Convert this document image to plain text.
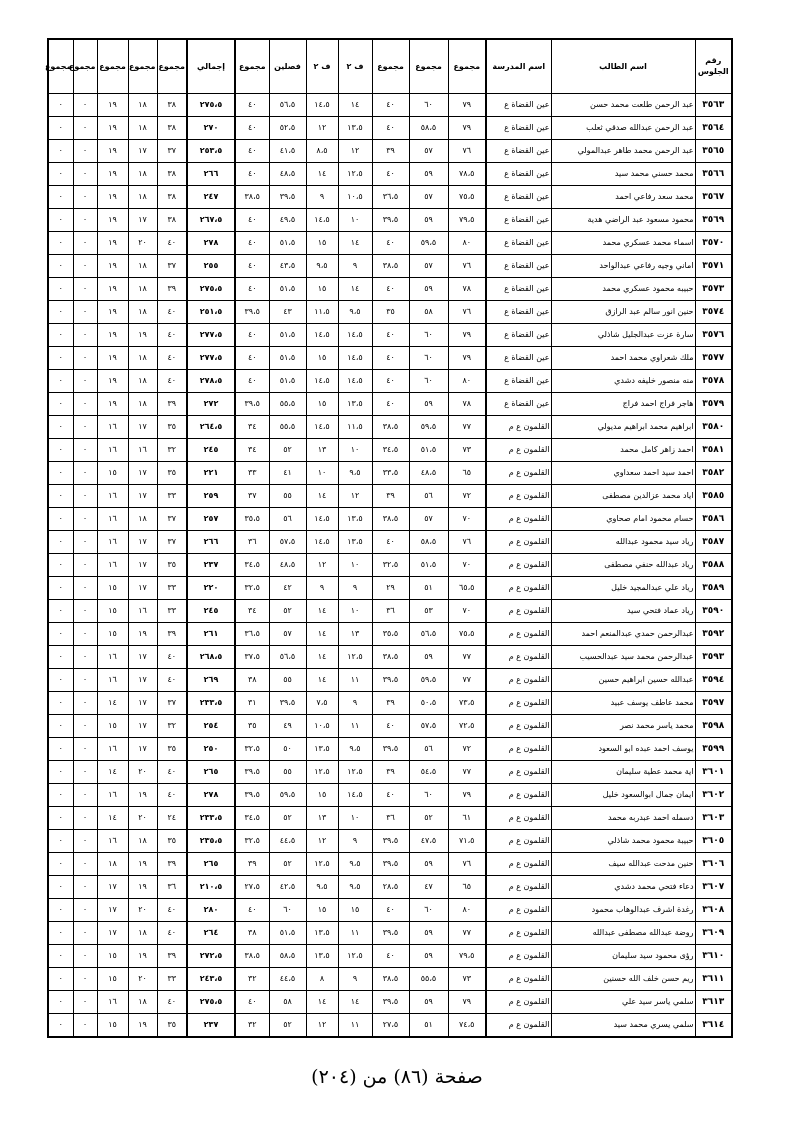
رقم الجلوس	اسم الطالب	اسم المدرسة	مجموع	مجموع	مجموع	ف ٢	ف ٢	فصلين	مجموع	إجمالي	مجموع	مجموع	مجموع	مجموع	مجموع
٣٥٦٣	عبد الرحمن طلعت محمد حسن	عين القضاة ع	٧٩	٦٠	٤٠	١٤	١٤،٥	٥٦،٥	٤٠	٢٧٥،٥	٣٨	١٨	١٩	٠	٠
٣٥٦٤	عبد الرحمن عبدالله صدقي ثعلب	عين القضاة ع	٧٩	٥٨،٥	٤٠	١٣،٥	١٢	٥٢،٥	٤٠	٢٧٠	٣٨	١٨	١٩	٠	٠
٣٥٦٥	عبد الرحمن محمد طاهر عبدالمولي	عين القضاة ع	٧٦	٥٧	٣٩	١٢	٨،٥	٤١،٥	٤٠	٢٥٣،٥	٣٧	١٧	١٩	٠	٠
٣٥٦٦	محمد حسني محمد سيد	عين القضاة ع	٧٨،٥	٥٩	٤٠	١٢،٥	١٤	٤٨،٥	٤٠	٢٦٦	٣٨	١٨	١٩	٠	٠
٣٥٦٧	محمد سعد رفاعي احمد	عين القضاة ع	٧٥،٥	٥٧	٣٦،٥	١٠،٥	٩	٣٩،٥	٣٨،٥	٢٤٧	٣٨	١٨	١٩	٠	٠
٣٥٦٩	محمود مسعود عبد الراضي هدية	عين القضاة ع	٧٩،٥	٥٩	٣٩،٥	١٠	١٤،٥	٤٩،٥	٤٠	٢٦٧،٥	٣٨	١٧	١٩	٠	٠
٣٥٧٠	اسماء محمد عسكري محمد	عين القضاة ع	٨٠	٥٩،٥	٤٠	١٤	١٥	٥١،٥	٤٠	٢٧٨	٤٠	٢٠	١٩	٠	٠
٣٥٧١	اماني وجيه رفاعي عبدالواحد	عين القضاة ع	٧٦	٥٧	٣٨،٥	٩	٩،٥	٤٣،٥	٤٠	٢٥٥	٣٧	١٨	١٩	٠	٠
٣٥٧٣	حبيبه محمود عسكري محمد	عين القضاة ع	٧٨	٥٩	٤٠	١٤	١٥	٥١،٥	٤٠	٢٧٥،٥	٣٩	١٨	١٩	٠	٠
٣٥٧٤	حنين انور سالم عبد الرازق	عين القضاة ع	٧٦	٥٨	٣٥	٩،٥	١١،٥	٤٣	٣٩،٥	٢٥١،٥	٤٠	١٨	١٩	٠	٠
٣٥٧٦	سارة عزت عبدالجليل شاذلي	عين القضاة ع	٧٩	٦٠	٤٠	١٤،٥	١٤،٥	٥١،٥	٤٠	٢٧٧،٥	٤٠	١٩	١٩	٠	٠
٣٥٧٧	ملك شعراوي محمد احمد	عين القضاة ع	٧٩	٦٠	٤٠	١٤،٥	١٥	٥١،٥	٤٠	٢٧٧،٥	٤٠	١٨	١٩	٠	٠
٣٥٧٨	منه منصور خليفه دشدي	عين القضاة ع	٨٠	٦٠	٤٠	١٤،٥	١٤،٥	٥١،٥	٤٠	٢٧٨،٥	٤٠	١٨	١٩	٠	٠
٣٥٧٩	هاجر فراج احمد فراج	عين القضاة ع	٧٨	٥٩	٤٠	١٣،٥	١٥	٥٥،٥	٣٩،٥	٢٧٢	٣٩	١٨	١٩	٠	٠
٣٥٨٠	ابراهيم محمد ابراهيم مديولي	القلمون ع م	٧٧	٥٩،٥	٣٨،٥	١١،٥	١٤،٥	٥٥،٥	٣٤	٢٦٤،٥	٣٥	١٧	١٦	٠	٠
٣٥٨١	احمد زاهر كامل محمد	القلمون ع م	٧٣	٥١،٥	٣٤،٥	١٠	١٣	٥٢	٣٤	٢٤٥	٣٢	١٦	١٦	٠	٠
٣٥٨٢	احمد سيد احمد سعداوي	القلمون ع م	٦٥	٤٨،٥	٣٣،٥	٩،٥	١٠	٤١	٣٣	٢٢١	٣٥	١٧	١٥	٠	٠
٣٥٨٥	اياد محمد عزالدين مصطفى	القلمون ع م	٧٢	٥٦	٣٩	١٢	١٤	٥٥	٣٧	٢٥٩	٣٣	١٧	١٦	٠	٠
٣٥٨٦	حسام محمود امام صحاوي	القلمون ع م	٧٠	٥٧	٣٨،٥	١٣،٥	١٤،٥	٥٦	٣٥،٥	٢٥٧	٣٧	١٨	١٦	٠	٠
٣٥٨٧	رياد سيد محمود عبدالله	القلمون ع م	٧٦	٥٨،٥	٤٠	١٣،٥	١٤،٥	٥٧،٥	٣٦	٢٦٦	٣٧	١٧	١٦	٠	٠
٣٥٨٨	رياد عبدالله حنفي مصطفى	القلمون ع م	٧٠	٥١،٥	٣٢،٥	١٠	١٢	٤٨،٥	٣٤،٥	٢٣٧	٣٥	١٧	١٦	٠	٠
٣٥٨٩	رياد علي عبدالمجيد خليل	القلمون ع م	٦٥،٥	٥١	٢٩	٩	٩	٤٢	٣٢،٥	٢٢٠	٣٣	١٧	١٥	٠	٠
٣٥٩٠	رياد عماد فتحي سيد	القلمون ع م	٧٠	٥٣	٣٦	١٠	١٤	٥٢	٣٤	٢٤٥	٣٣	١٦	١٥	٠	٠
٣٥٩٢	عبدالرحمن حمدي عبدالمنعم احمد	القلمون ع م	٧٥،٥	٥٦،٥	٣٥،٥	١٣	١٤	٥٧	٣٦،٥	٢٦١	٣٩	١٩	١٥	٠	٠
٣٥٩٣	عبدالرحمن محمد سيد عبدالحسيب	القلمون ع م	٧٧	٥٩	٣٨،٥	١٢،٥	١٤	٥٦،٥	٣٧،٥	٢٦٨،٥	٤٠	١٧	١٦	٠	٠
٣٥٩٤	عبدالله حسين ابراهيم حسين	القلمون ع م	٧٧	٥٩،٥	٣٩،٥	١١	١٤	٥٥	٣٨	٢٦٩	٤٠	١٧	١٦	٠	٠
٣٥٩٧	محمد عاطف يوسف عبيد	القلمون ع م	٧٣،٥	٥٠،٥	٣٩	٩	٧،٥	٣٩،٥	٣١	٢٣٣،٥	٣٧	١٧	١٤	٠	٠
٣٥٩٨	محمد ياسر محمد نصر	القلمون ع م	٧٢،٥	٥٧،٥	٤٠	١١	١٠،٥	٤٩	٣٥	٢٥٤	٣٢	١٧	١٥	٠	٠
٣٥٩٩	يوسف احمد عبده ابو السعود	القلمون ع م	٧٢	٥٦	٣٩،٥	٩،٥	١٣،٥	٥٠	٣٢،٥	٢٥٠	٣٥	١٧	١٦	٠	٠
٣٦٠١	اية محمد عطية سليمان	القلمون ع م	٧٧	٥٤،٥	٣٩	١٢،٥	١٢،٥	٥٥	٣٩،٥	٢٦٥	٤٠	٢٠	١٤	٠	٠
٣٦٠٢	ايمان جمال ابوالسعود خليل	القلمون ع م	٧٩	٦٠	٤٠	١٤،٥	١٥	٥٩،٥	٣٩،٥	٢٧٨	٤٠	١٩	١٦	٠	٠
٣٦٠٣	دسمله احمد عبدربه محمد	القلمون ع م	٦١	٥٢	٣٦	١٠	١٣	٥٢	٣٤،٥	٢٣٣،٥	٢٤	٢٠	١٤	٠	٠
٣٦٠٥	حبيبة محمود محمد شاذلي	القلمون ع م	٧١،٥	٤٧،٥	٣٩،٥	٩	١٢	٤٤،٥	٣٢،٥	٢٣٥،٥	٣٥	١٨	١٦	٠	٠
٣٦٠٦	حنين مدحت عبدالله سيف	القلمون ع م	٧٦	٥٩	٣٩،٥	٩،٥	١٢،٥	٥٢	٣٩	٢٦٥	٣٩	١٩	١٨	٠	٠
٣٦٠٧	دعاء فتحي محمد دشدي	القلمون ع م	٦٥	٤٧	٢٨،٥	٩،٥	٩،٥	٤٢،٥	٢٧،٥	٢١٠،٥	٣٦	١٩	١٧	٠	٠
٣٦٠٨	رغدة اشرف عبدالوهاب محمود	القلمون ع م	٨٠	٦٠	٤٠	١٥	١٥	٦٠	٤٠	٢٨٠	٤٠	٢٠	١٧	٠	٠
٣٦٠٩	روضة عبدالله مصطفى عبدالله	القلمون ع م	٧٧	٥٩	٣٩،٥	١١	١٣،٥	٥١،٥	٣٨	٢٦٤	٤٠	١٨	١٧	٠	٠
٣٦١٠	رؤى محمود سيد سليمان	القلمون ع م	٧٩،٥	٥٩	٤٠	١٢،٥	١٣،٥	٥٨،٥	٣٨،٥	٢٧٢،٥	٣٩	١٩	١٥	٠	٠
٣٦١١	ريم حسن خلف الله حسنين	القلمون ع م	٧٣	٥٥،٥	٣٨،٥	٩	٨	٤٤،٥	٣٢	٢٤٣،٥	٣٣	٢٠	١٥	٠	٠
٣٦١٣	سلمي ياسر سيد علي	القلمون ع م	٧٩	٥٩	٣٩،٥	١٤	١٤	٥٨	٤٠	٢٧٥،٥	٤٠	١٨	١٦	٠	٠
٣٦١٤	سلمي يسري محمد سيد	القلمون ع م	٧٤،٥	٥١	٢٧،٥	١١	١٢	٥٢	٣٢	٢٣٧	٣٥	١٩	١٥	٠	٠
صفحة (٨٦) من (٢٠٤)
